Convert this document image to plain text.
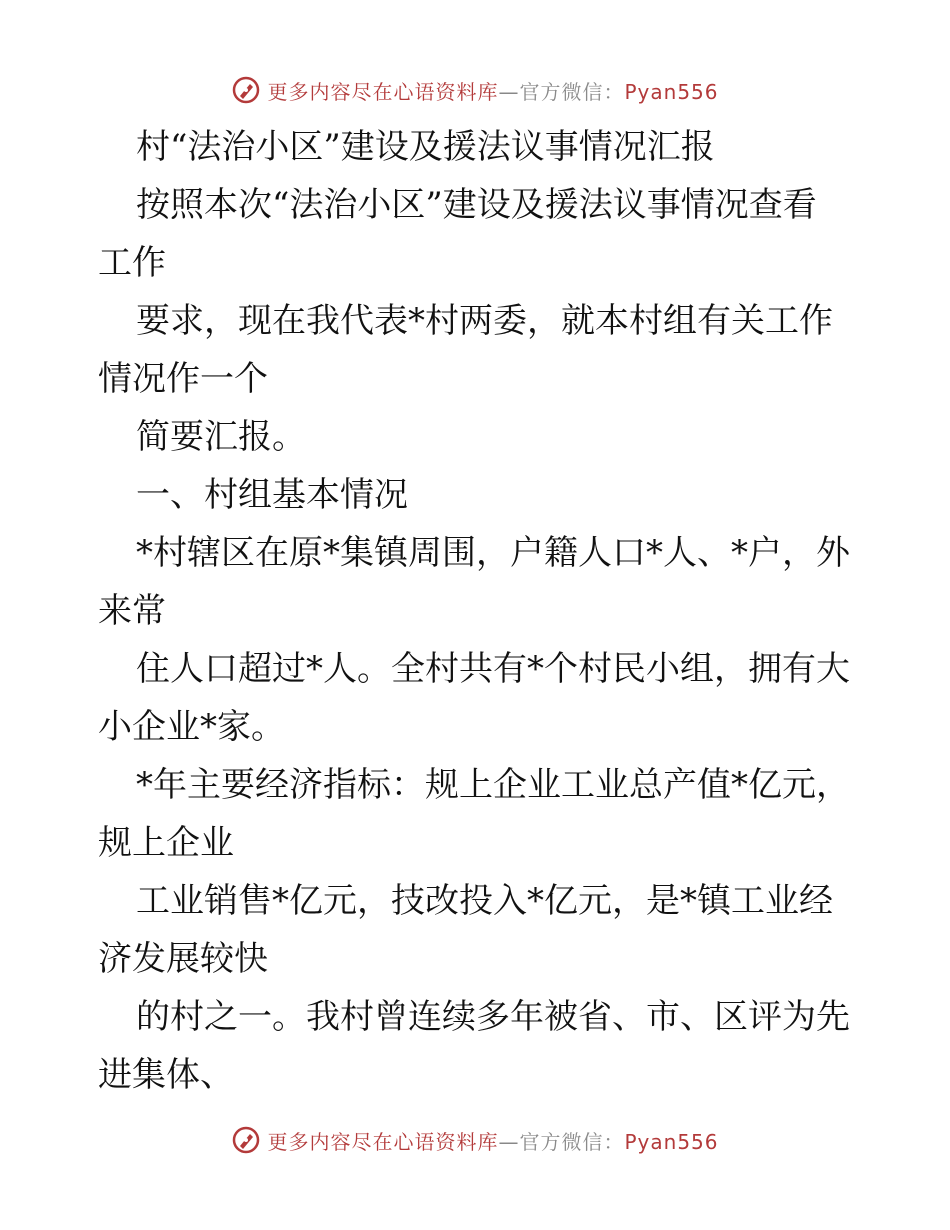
更多内容尽在心语资料库—官方微信：Pyan556
村“法治小区”建设及援法议事情况汇报
按照本次“法治小区”建设及援法议事情况查看
工作
要求，现在我代表*村两委，就本村组有关工作
情况作一个
简要汇报。
一、村组基本情况
*村辖区在原*集镇周围，户籍人口*人、*户，外
来常
住人口超过*人。全村共有*个村民小组，拥有大
小企业*家。
*年主要经济指标：规上企业工业总产值*亿元，
规上企业
工业销售*亿元，技改投入*亿元，是*镇工业经
济发展较快
的村之一。我村曾连续多年被省、市、区评为先
进集体、
更多内容尽在心语资料库—官方微信：Pyan556
